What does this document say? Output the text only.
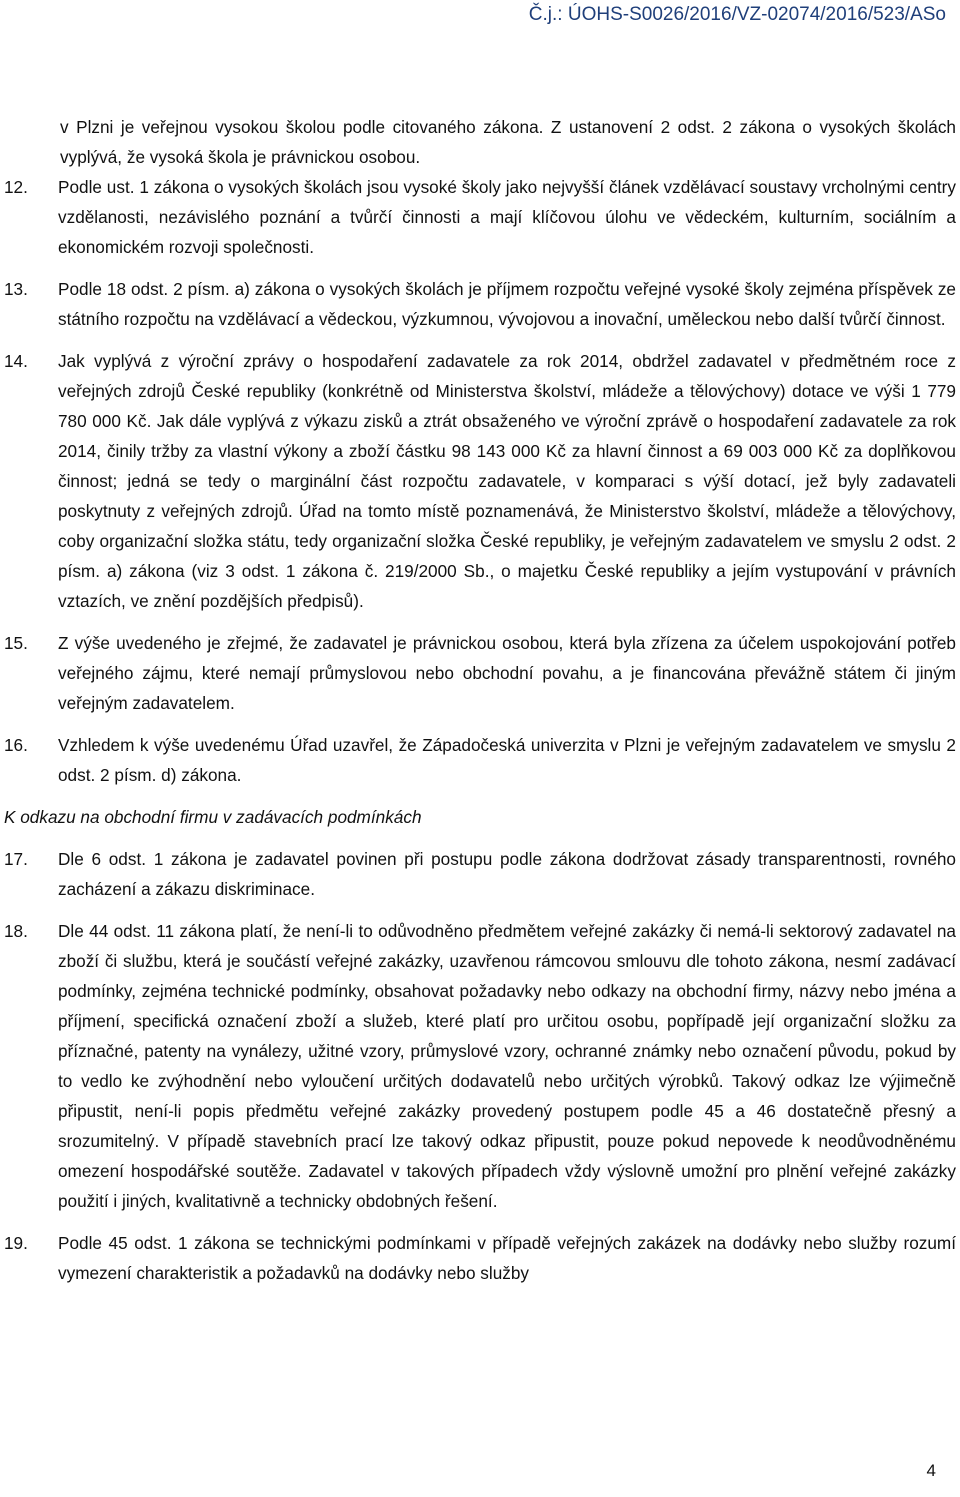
Č.j.: ÚOHS-S0026/2016/VZ-02074/2016/523/ASo
v Plzni je veřejnou vysokou školou podle citovaného zákona. Z ustanovení 2 odst. 2 zákona o vysokých školách vyplývá, že vysoká škola je právnickou osobou.
12.	Podle ust. 1 zákona o vysokých školách jsou vysoké školy jako nejvyšší článek vzdělávací soustavy vrcholnými centry vzdělanosti, nezávislého poznání a tvůrčí činnosti a mají klíčovou úlohu ve vědeckém, kulturním, sociálním a ekonomickém rozvoji společnosti.
13.	Podle 18 odst. 2 písm. a) zákona o vysokých školách je příjmem rozpočtu veřejné vysoké školy zejména příspěvek ze státního rozpočtu na vzdělávací a vědeckou, výzkumnou, vývojovou a inovační, uměleckou nebo další tvůrčí činnost.
14.	Jak vyplývá z výroční zprávy o hospodaření zadavatele za rok 2014, obdržel zadavatel v předmětném roce z veřejných zdrojů České republiky (konkrétně od Ministerstva školství, mládeže a tělovýchovy) dotace ve výši 1 779 780 000 Kč. Jak dále vyplývá z výkazu zisků a ztrát obsaženého ve výroční zprávě o hospodaření zadavatele za rok 2014, činily tržby za vlastní výkony a zboží částku 98 143 000 Kč za hlavní činnost a 69 003 000 Kč za doplňkovou činnost; jedná se tedy o marginální část rozpočtu zadavatele, v komparaci s výší dotací, jež byly zadavateli poskytnuty z veřejných zdrojů. Úřad na tomto místě poznamenává, že Ministerstvo školství, mládeže a tělovýchovy, coby organizační složka státu, tedy organizační složka České republiky, je veřejným zadavatelem ve smyslu 2 odst. 2 písm. a) zákona (viz 3 odst. 1 zákona č. 219/2000 Sb., o majetku České republiky a jejím vystupování v právních vztazích, ve znění pozdějších předpisů).
15.	Z výše uvedeného je zřejmé, že zadavatel je právnickou osobou, která byla zřízena za účelem uspokojování potřeb veřejného zájmu, které nemají průmyslovou nebo obchodní povahu, a je financována převážně státem či jiným veřejným zadavatelem.
16.	Vzhledem k výše uvedenému Úřad uzavřel, že Západočeská univerzita v Plzni je veřejným zadavatelem ve smyslu 2 odst. 2 písm. d) zákona.
K odkazu na obchodní firmu v zadávacích podmínkách
17.	Dle 6 odst. 1 zákona je zadavatel povinen při postupu podle zákona dodržovat zásady transparentnosti, rovného zacházení a zákazu diskriminace.
18.	Dle 44 odst. 11 zákona platí, že není-li to odůvodněno předmětem veřejné zakázky či nemá-li sektorový zadavatel na zboží či službu, která je součástí veřejné zakázky, uzavřenou rámcovou smlouvu dle tohoto zákona, nesmí zadávací podmínky, zejména technické podmínky, obsahovat požadavky nebo odkazy na obchodní firmy, názvy nebo jména a příjmení, specifická označení zboží a služeb, které platí pro určitou osobu, popřípadě její organizační složku za příznačné, patenty na vynálezy, užitné vzory, průmyslové vzory, ochranné známky nebo označení původu, pokud by to vedlo ke zvýhodnění nebo vyloučení určitých dodavatelů nebo určitých výrobků. Takový odkaz lze výjimečně připustit, není-li popis předmětu veřejné zakázky provedený postupem podle 45 a 46 dostatečně přesný a srozumitelný. V případě stavebních prací lze takový odkaz připustit, pouze pokud nepovede k neodůvodněnému omezení hospodářské soutěže. Zadavatel v takových případech vždy výslovně umožní pro plnění veřejné zakázky použití i jiných, kvalitativně a technicky obdobných řešení.
19.	Podle 45 odst. 1 zákona se technickými podmínkami v případě veřejných zakázek na dodávky nebo služby rozumí vymezení charakteristik a požadavků na dodávky nebo služby
4
